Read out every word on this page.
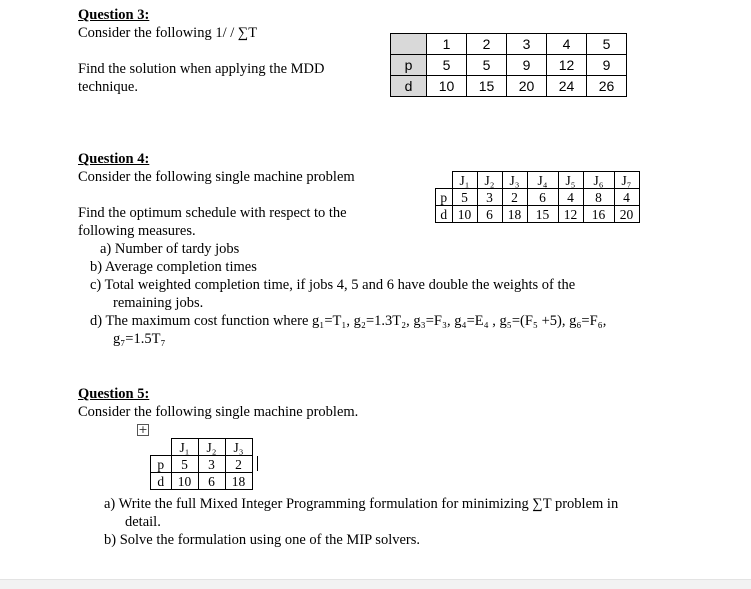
Question 3:
Consider the following 1/ / ∑T
Find the solution when applying the MDD
technique.
	1	2	3	4	5
p	5	5	9	12	9
d	10	15	20	24	26
Question 4:
Consider the following single machine problem
Find the optimum schedule with respect to the
following measures.
a) Number of tardy jobs
b) Average completion times
c) Total weighted completion time, if jobs 4, 5 and 6 have double the weights of the
remaining jobs.
d) The maximum cost function where g₁=T₁, g₂=1.3T₂, g₃=F₃, g₄=E₄ , g₅=(F₅ +5), g₆=F₆,
g₇=1.5T₇
	J₁	J₂	J₃	J₄	J₅	J₆	J₇
p	5	3	2	6	4	8	4
d	10	6	18	15	12	16	20
Question 5:
Consider the following single machine problem.
+
	J₁	J₂	J₃
p	5	3	2
d	10	6	18
a) Write the full Mixed Integer Programming formulation for minimizing ∑T problem in
detail.
b) Solve the formulation using one of the MIP solvers.
